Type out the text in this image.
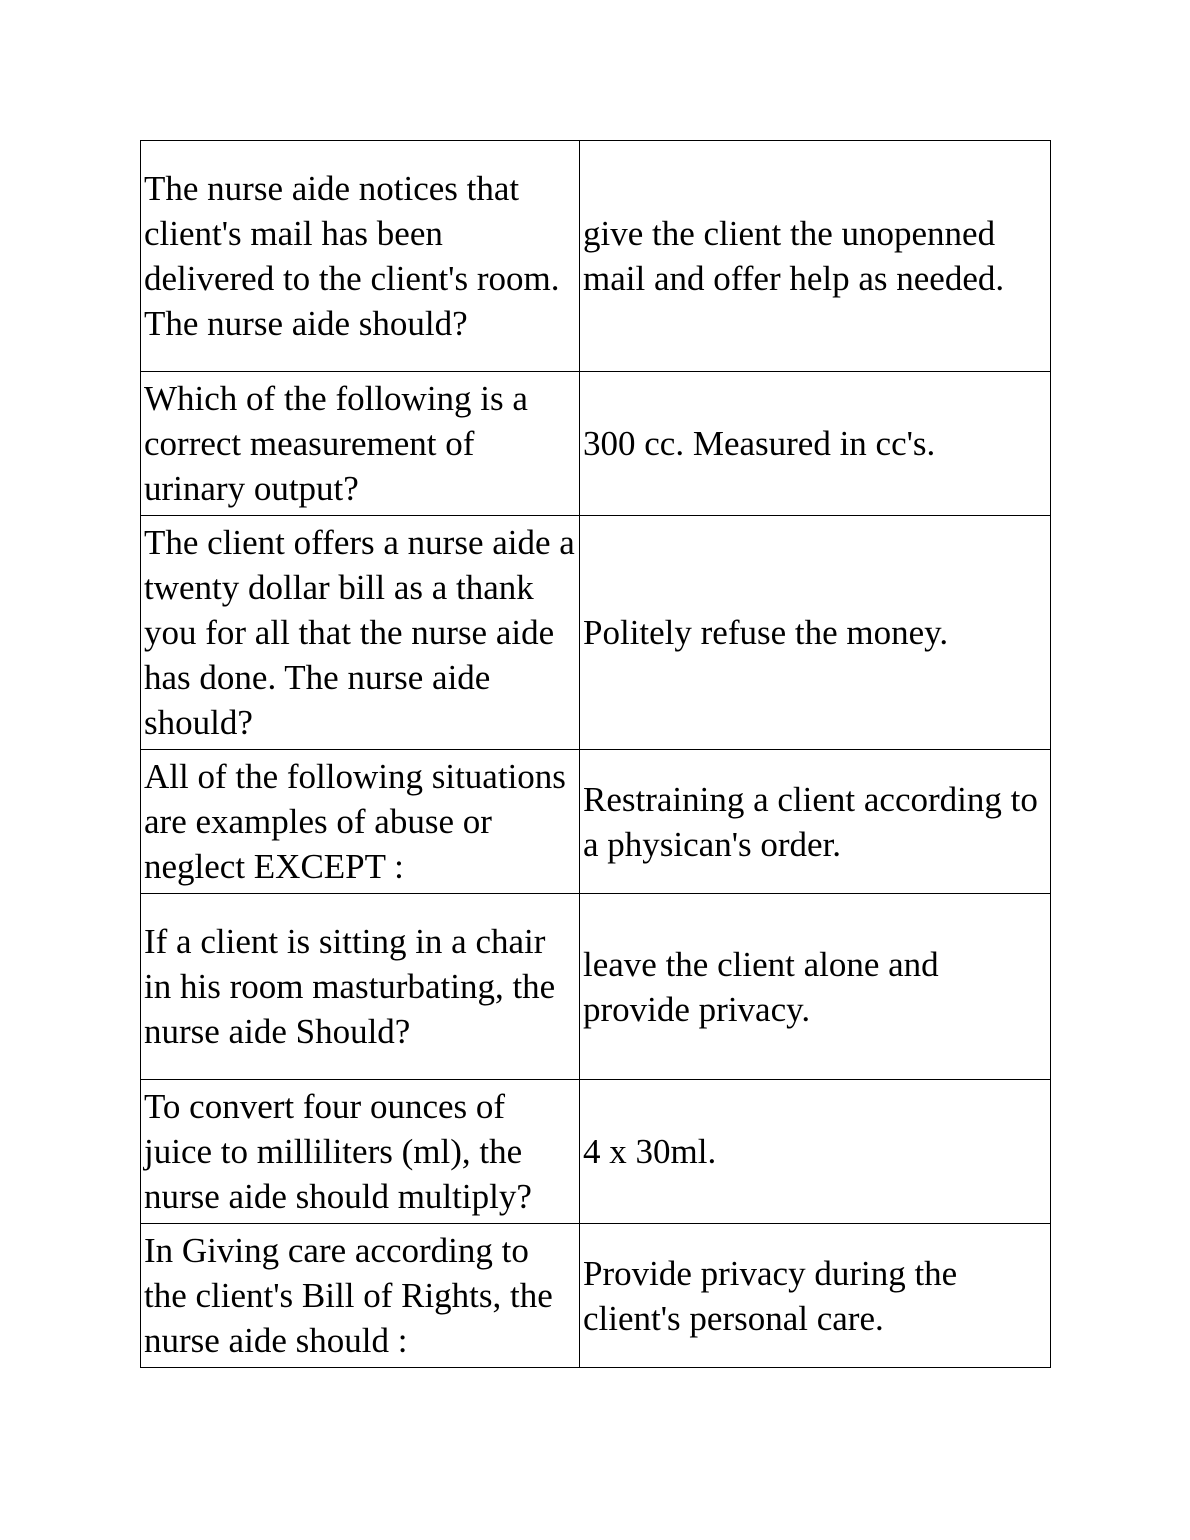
The nurse aide notices that client's mail has been delivered to the client's room. The nurse aide should?	give the client the unopenned mail and offer help as needed.
Which of the following is a correct measurement of urinary output?	300 cc. Measured in cc's.
The client offers a nurse aide a twenty dollar bill as a thank you for all that the nurse aide has done. The nurse aide should?	Politely refuse the money.
All of the following situations are examples of abuse or neglect EXCEPT :	Restraining a client according to a physican's order.
If a client is sitting in a chair in his room masturbating, the nurse aide Should?	leave the client alone and provide privacy.
To convert four ounces of juice to milliliters (ml), the nurse aide should multiply?	4 x 30ml.
In Giving care according to the client's Bill of Rights, the nurse aide should :	Provide privacy during the client's personal care.
